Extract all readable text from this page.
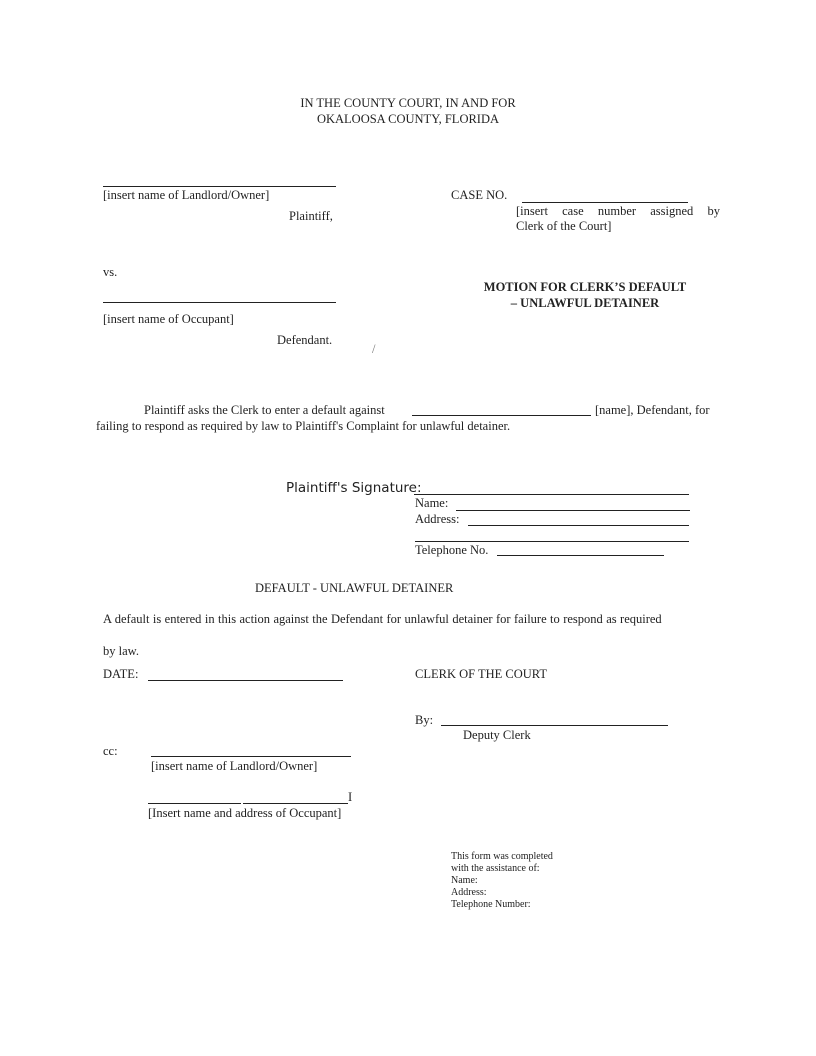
IN THE COUNTY COURT, IN AND FOR
OKALOOSA COUNTY, FLORIDA
[insert name of Landlord/Owner]
Plaintiff,
CASE NO.
[insert case number assigned by
Clerk of the Court]
vs.
[insert name of Occupant]
Defendant.
/
MOTION FOR CLERK’S DEFAULT
– UNLAWFUL DETAINER
Plaintiff asks the Clerk to enter a default against	[name], Defendant, for
failing to respond as required by law to Plaintiff's Complaint for unlawful detainer.
Plaintiff's Signature:
Name:
Address:
Telephone No.
DEFAULT - UNLAWFUL DETAINER
A default is entered in this action against the Defendant for unlawful detainer for failure to respond as required
by law.
DATE:	CLERK OF THE COURT
By:
Deputy Clerk
cc:
[insert name of Landlord/Owner]
I
[Insert name and address of Occupant]
This form was completed
with the assistance of:
Name:
Address:
Telephone Number:
